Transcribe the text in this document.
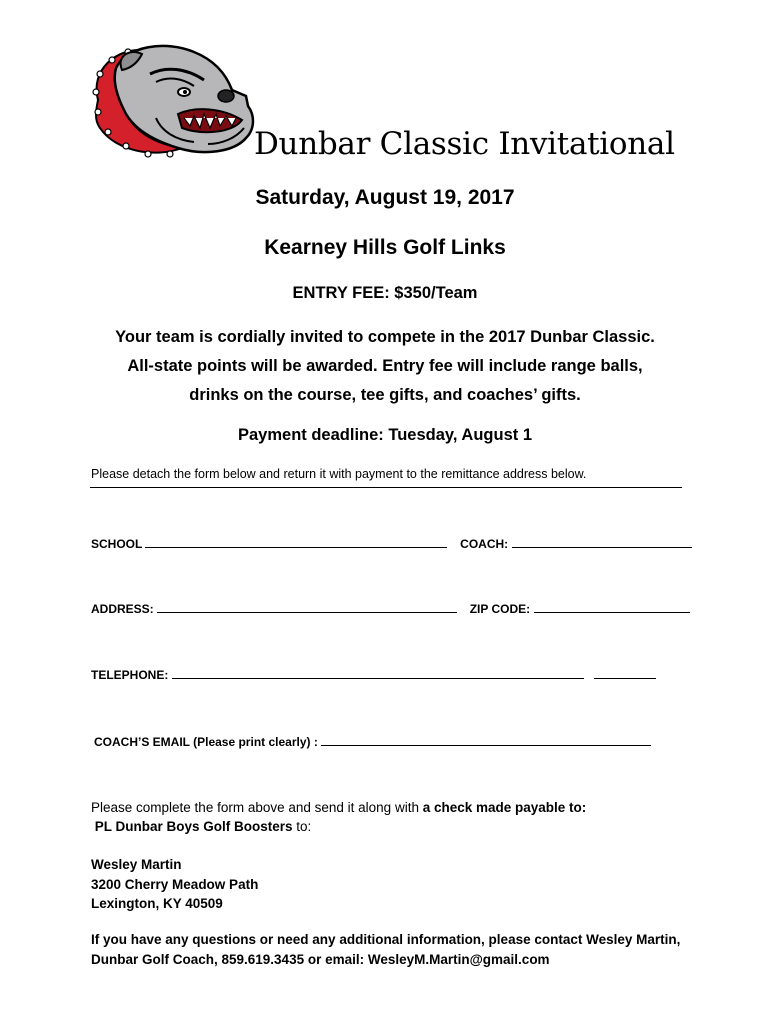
Dunbar Classic Invitational
Saturday, August 19, 2017
Kearney Hills Golf Links
ENTRY FEE: $350/Team
Your team is cordially invited to compete in the 2017 Dunbar Classic.
All-state points will be awarded. Entry fee will include range balls,
drinks on the course, tee gifts, and coaches’ gifts.
Payment deadline: Tuesday, August 1
Please detach the form below and return it with payment to the remittance address below.
SCHOOL	COACH:
ADDRESS:	ZIP CODE:
TELEPHONE:
COACH’S EMAIL (Please print clearly) :
Please complete the form above and send it along with a check made payable to:
PL Dunbar Boys Golf Boosters to:
Wesley Martin
3200 Cherry Meadow Path
Lexington, KY 40509
If you have any questions or need any additional information, please contact Wesley Martin,
Dunbar Golf Coach, 859.619.3435 or email: WesleyM.Martin@gmail.com
